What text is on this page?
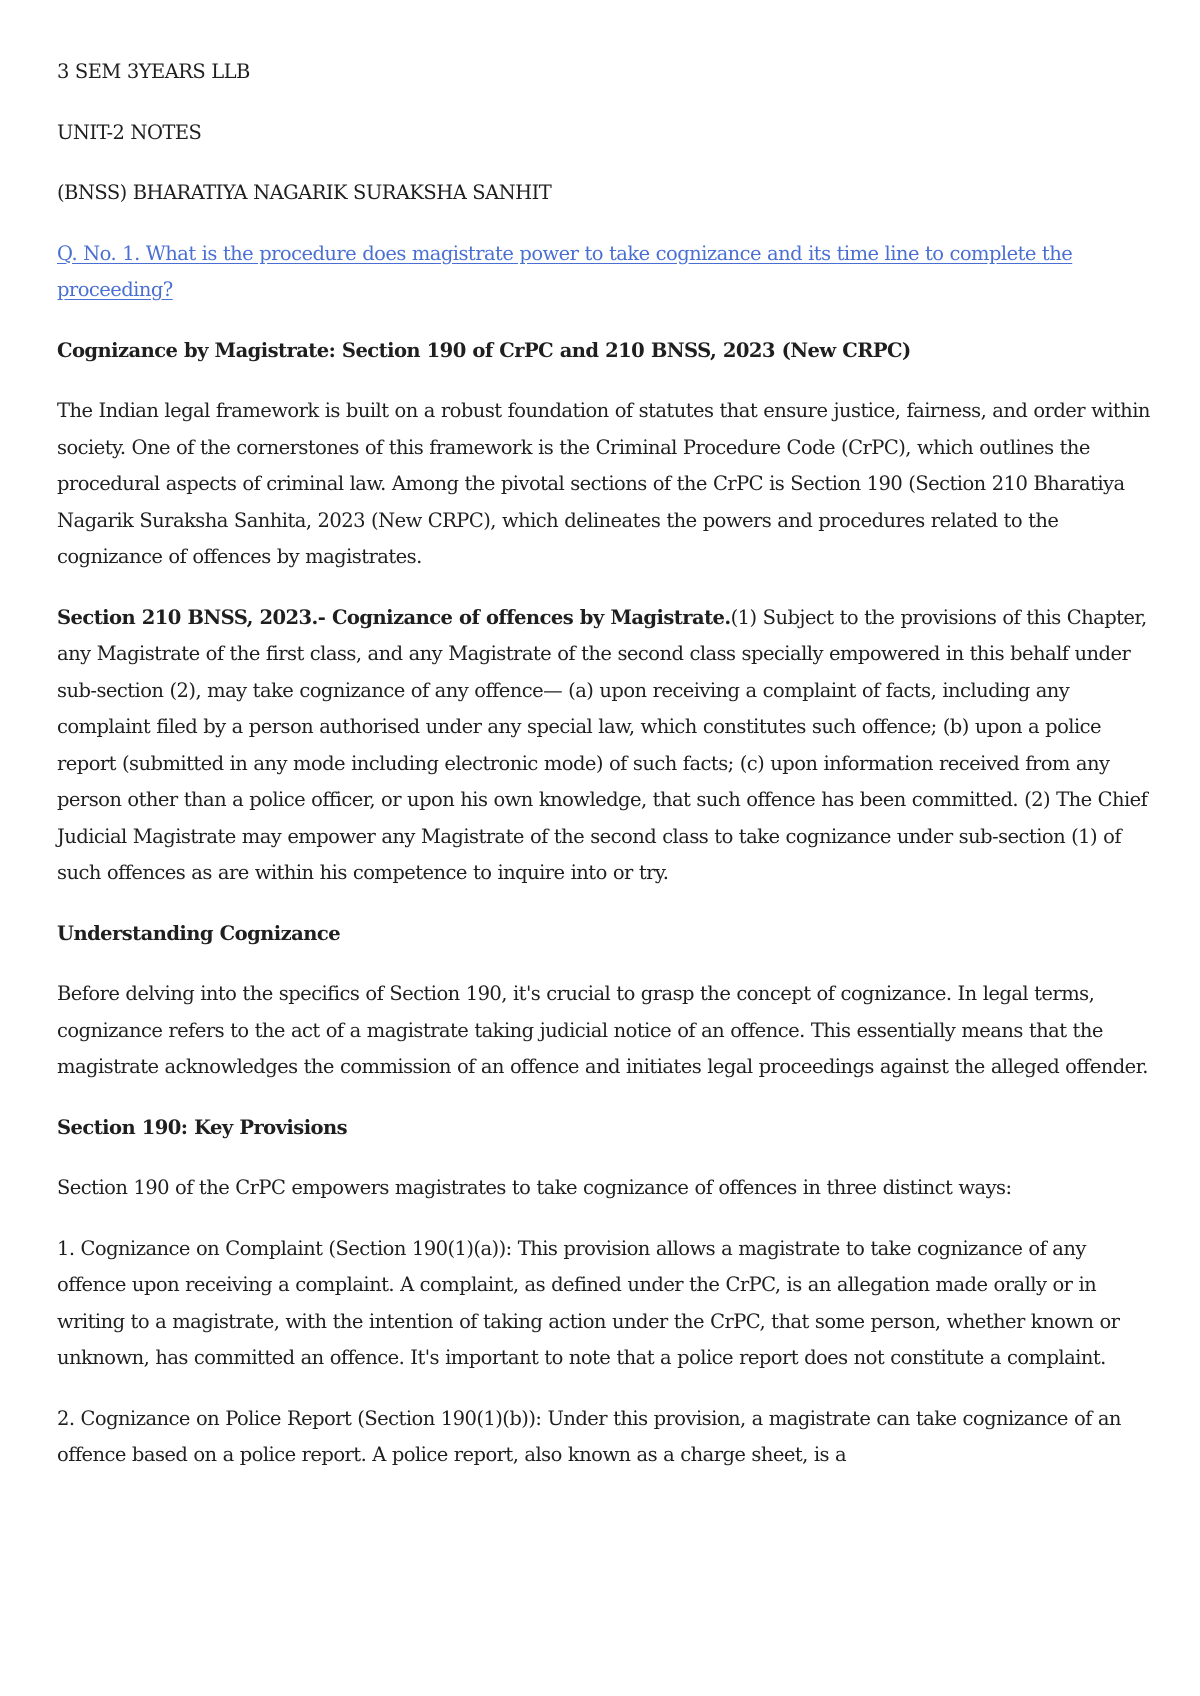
3 SEM 3YEARS LLB

UNIT-2 NOTES

(BNSS) BHARATIYA NAGARIK SURAKSHA SANHIT

Q. No. 1. What is the procedure does magistrate power to take cognizance and its time line to complete the proceeding?

Cognizance by Magistrate: Section 190 of CrPC and 210 BNSS, 2023 (New CRPC)

The Indian legal framework is built on a robust foundation of statutes that ensure justice, fairness, and order within society. One of the cornerstones of this framework is the Criminal Procedure Code (CrPC), which outlines the procedural aspects of criminal law. Among the pivotal sections of the CrPC is Section 190 (Section 210 Bharatiya Nagarik Suraksha Sanhita, 2023 (New CRPC), which delineates the powers and procedures related to the cognizance of offences by magistrates.

Section 210 BNSS, 2023.- Cognizance of offences by Magistrate.(1) Subject to the provisions of this Chapter, any Magistrate of the first class, and any Magistrate of the second class specially empowered in this behalf under sub-section (2), may take cognizance of any offence— (a) upon receiving a complaint of facts, including any complaint filed by a person authorised under any special law, which constitutes such offence; (b) upon a police report (submitted in any mode including electronic mode) of such facts; (c) upon information received from any person other than a police officer, or upon his own knowledge, that such offence has been committed. (2) The Chief Judicial Magistrate may empower any Magistrate of the second class to take cognizance under sub-section (1) of such offences as are within his competence to inquire into or try.

Understanding Cognizance

Before delving into the specifics of Section 190, it's crucial to grasp the concept of cognizance. In legal terms, cognizance refers to the act of a magistrate taking judicial notice of an offence. This essentially means that the magistrate acknowledges the commission of an offence and initiates legal proceedings against the alleged offender.

Section 190: Key Provisions

Section 190 of the CrPC empowers magistrates to take cognizance of offences in three distinct ways:

1. Cognizance on Complaint (Section 190(1)(a)): This provision allows a magistrate to take cognizance of any offence upon receiving a complaint. A complaint, as defined under the CrPC, is an allegation made orally or in writing to a magistrate, with the intention of taking action under the CrPC, that some person, whether known or unknown, has committed an offence. It's important to note that a police report does not constitute a complaint.

2. Cognizance on Police Report (Section 190(1)(b)): Under this provision, a magistrate can take cognizance of an offence based on a police report. A police report, also known as a charge sheet, is a
